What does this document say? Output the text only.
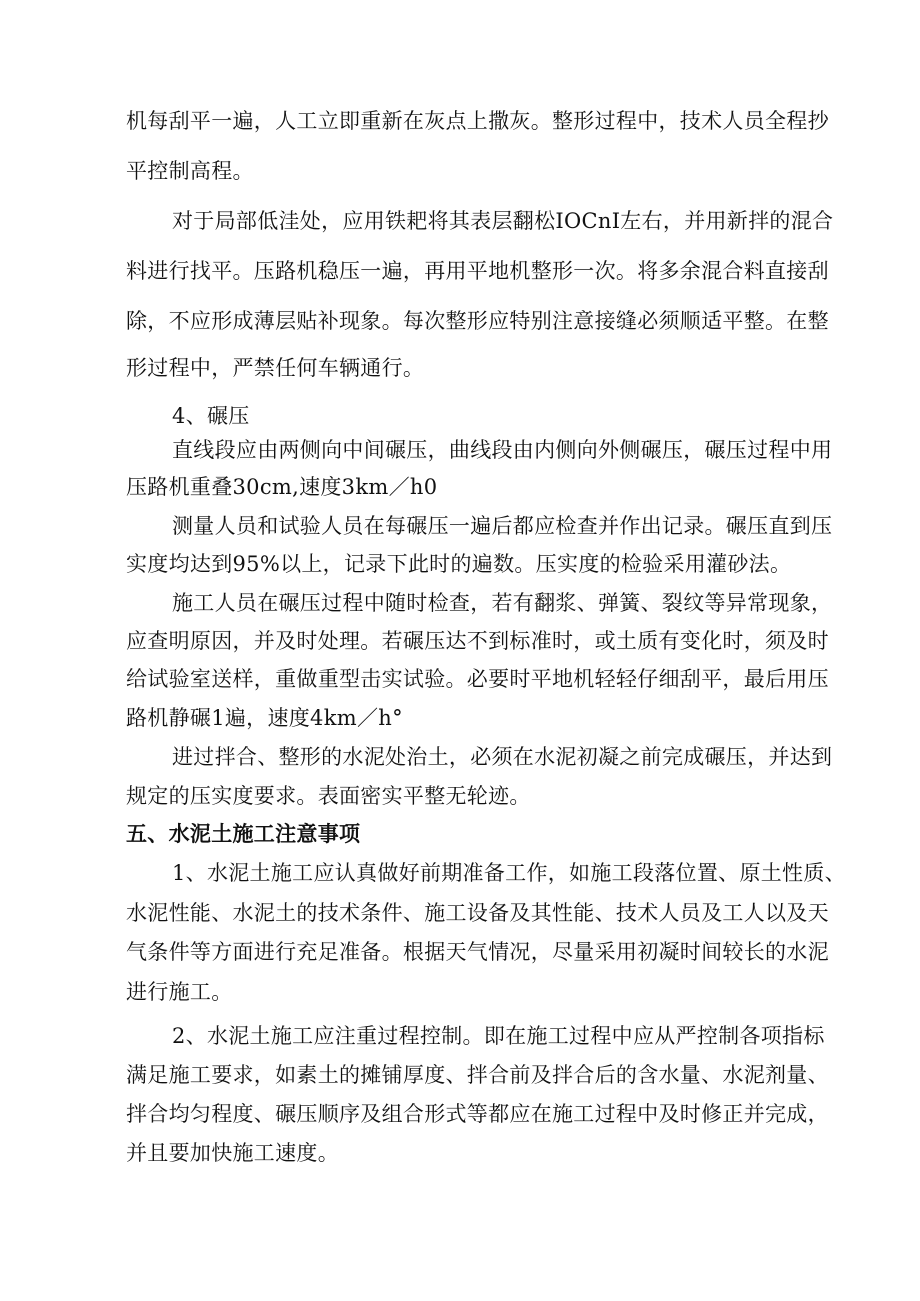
机每刮平一遍，人工立即重新在灰点上撒灰。整形过程中，技术人员全程抄
平控制高程。
对于局部低洼处，应用铁耙将其表层翻松IOCnI左右，并用新拌的混合
料进行找平。压路机稳压一遍，再用平地机整形一次。将多余混合料直接刮
除，不应形成薄层贴补现象。每次整形应特别注意接缝必须顺适平整。在整
形过程中，严禁任何车辆通行。
4、碾压
直线段应由两侧向中间碾压，曲线段由内侧向外侧碾压，碾压过程中用
压路机重叠30cm,速度3km／h0
测量人员和试验人员在每碾压一遍后都应检查并作出记录。碾压直到压
实度均达到95%以上，记录下此时的遍数。压实度的检验采用灌砂法。
施工人员在碾压过程中随时检查，若有翻浆、弹簧、裂纹等异常现象，
应查明原因，并及时处理。若碾压达不到标准时，或土质有变化时，须及时
给试验室送样，重做重型击实试验。必要时平地机轻轻仔细刮平，最后用压
路机静碾1遍，速度4km／h°
进过拌合、整形的水泥处治土，必须在水泥初凝之前完成碾压，并达到
规定的压实度要求。表面密实平整无轮迹。
五、水泥土施工注意事项
1、水泥土施工应认真做好前期准备工作，如施工段落位置、原土性质、
水泥性能、水泥土的技术条件、施工设备及其性能、技术人员及工人以及天
气条件等方面进行充足准备。根据天气情况，尽量采用初凝时间较长的水泥
进行施工。
2、水泥土施工应注重过程控制。即在施工过程中应从严控制各项指标
满足施工要求，如素土的摊铺厚度、拌合前及拌合后的含水量、水泥剂量、
拌合均匀程度、碾压顺序及组合形式等都应在施工过程中及时修正并完成，
并且要加快施工速度。
